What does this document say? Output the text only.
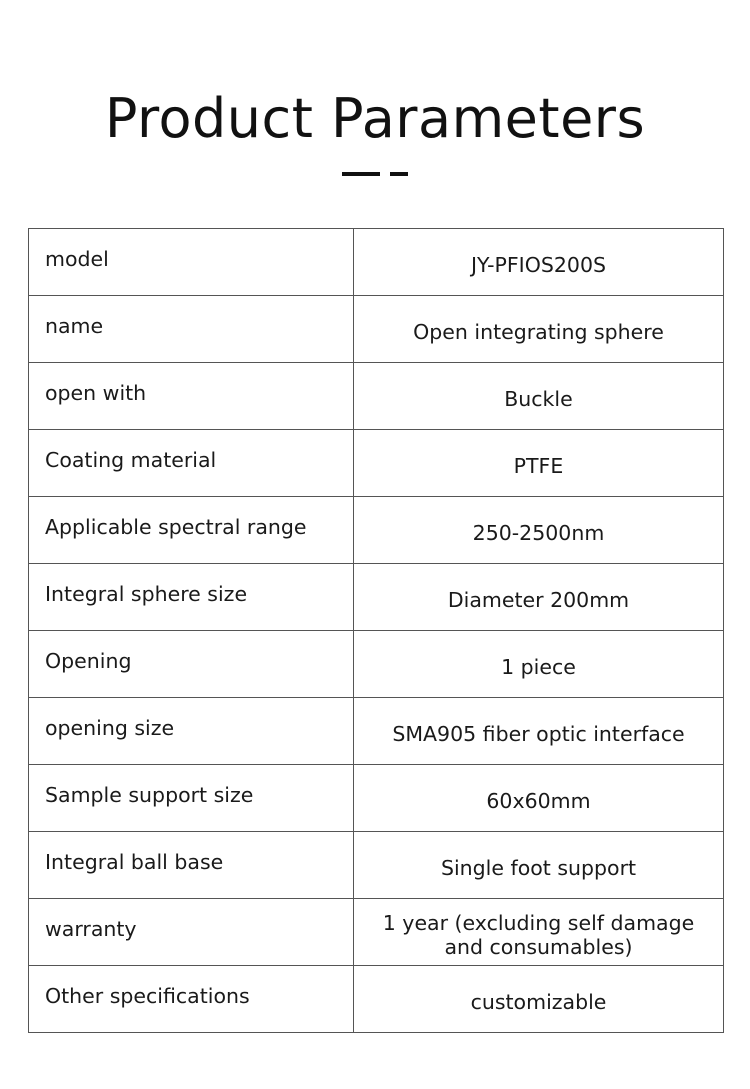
Product Parameters
model	JY-PFIOS200S
name	Open integrating sphere
open with	Buckle
Coating material	PTFE
Applicable spectral range	250-2500nm
Integral sphere size	Diameter 200mm
Opening	1 piece
opening size	SMA905 fiber optic interface
Sample support size	60x60mm
Integral ball base	Single foot support
warranty	1 year (excluding self damage and consumables)
Other specifications	customizable
